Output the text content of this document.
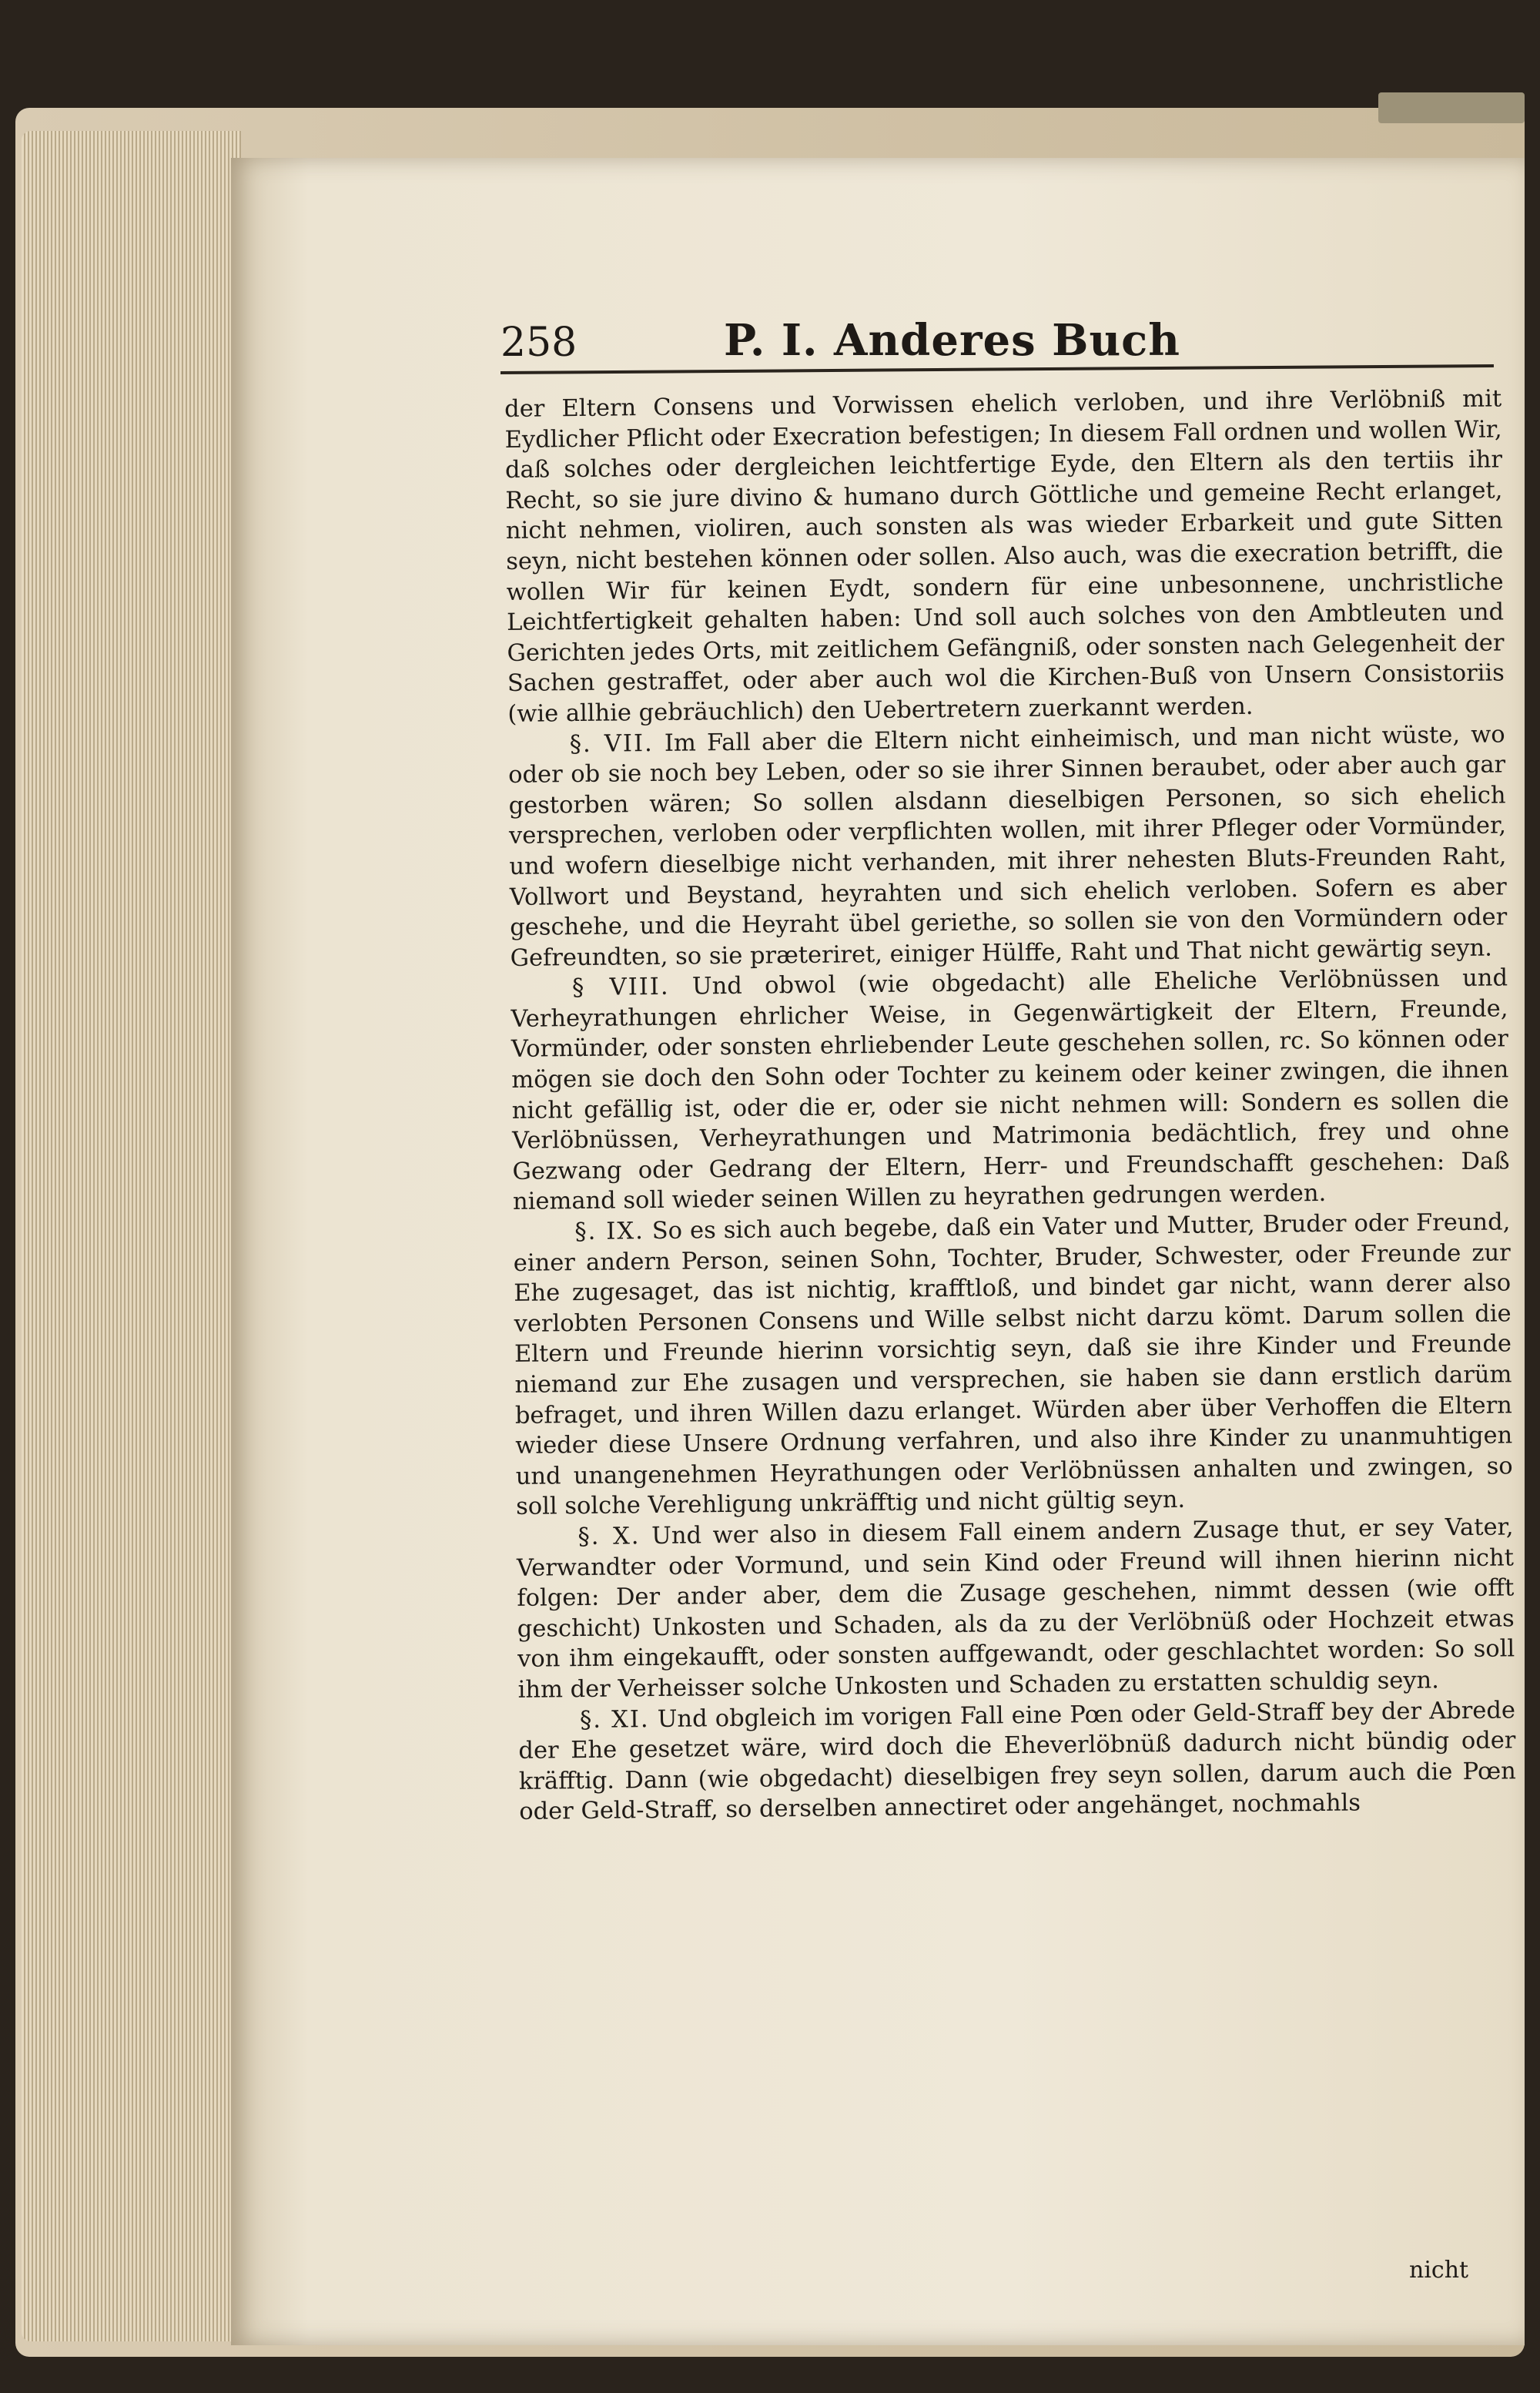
258	P. I. Anderes Buch

der Eltern Consens und Vorwissen ehelich verloben, und ihre Verlöbniß mit Eydlicher Pflicht oder Execration befestigen; In diesem Fall ordnen und wollen Wir, daß solches oder dergleichen leichtfertige Eyde, den Eltern als den tertiis ihr Recht, so sie jure divino & humano durch Göttliche und gemeine Recht erlanget, nicht nehmen, violiren, auch sonsten als was wieder Erbarkeit und gute Sitten seyn, nicht bestehen können oder sollen. Also auch, was die execration betrifft, die wollen Wir für keinen Eydt, sondern für eine unbesonnene, unchristliche Leichtfertigkeit gehalten haben: Und soll auch solches von den Ambtleuten und Gerichten jedes Orts, mit zeitlichem Gefängniß, oder sonsten nach Gelegenheit der Sachen gestraffet, oder aber auch wol die Kirchen-Buß von Unsern Consistoriis (wie allhie gebräuchlich) den Uebertretern zuerkannt werden.

§. VII. Im Fall aber die Eltern nicht einheimisch, und man nicht wüste, wo oder ob sie noch bey Leben, oder so sie ihrer Sinnen beraubet, oder aber auch gar gestorben wären; So sollen alsdann dieselbigen Personen, so sich ehelich versprechen, verloben oder verpflichten wollen, mit ihrer Pfleger oder Vormünder, und wofern dieselbige nicht verhanden, mit ihrer nehesten Bluts-Freunden Raht, Vollwort und Beystand, heyrahten und sich ehelich verloben. Sofern es aber geschehe, und die Heyraht übel geriethe, so sollen sie von den Vormündern oder Gefreundten, so sie præteriret, einiger Hülffe, Raht und That nicht gewärtig seyn.

§ VIII. Und obwol (wie obgedacht) alle Eheliche Verlöbnüssen und Verheyrathungen ehrlicher Weise, in Gegenwärtigkeit der Eltern, Freunde, Vormünder, oder sonsten ehrliebender Leute geschehen sollen, rc. So können oder mögen sie doch den Sohn oder Tochter zu keinem oder keiner zwingen, die ihnen nicht gefällig ist, oder die er, oder sie nicht nehmen will: Sondern es sollen die Verlöbnüssen, Verheyrathungen und Matrimonia bedächtlich, frey und ohne Gezwang oder Gedrang der Eltern, Herr- und Freundschafft geschehen: Daß niemand soll wieder seinen Willen zu heyrathen gedrungen werden.

§. IX. So es sich auch begebe, daß ein Vater und Mutter, Bruder oder Freund, einer andern Person, seinen Sohn, Tochter, Bruder, Schwester, oder Freunde zur Ehe zugesaget, das ist nichtig, krafftloß, und bindet gar nicht, wann derer also verlobten Personen Consens und Wille selbst nicht darzu kömt. Darum sollen die Eltern und Freunde hierinn vorsichtig seyn, daß sie ihre Kinder und Freunde niemand zur Ehe zusagen und versprechen, sie haben sie dann erstlich darüm befraget, und ihren Willen dazu erlanget. Würden aber über Verhoffen die Eltern wieder diese Unsere Ordnung verfahren, und also ihre Kinder zu unanmuhtigen und unangenehmen Heyrathungen oder Verlöbnüssen anhalten und zwingen, so soll solche Verehligung unkräfftig und nicht gültig seyn.

§. X. Und wer also in diesem Fall einem andern Zusage thut, er sey Vater, Verwandter oder Vormund, und sein Kind oder Freund will ihnen hierinn nicht folgen: Der ander aber, dem die Zusage geschehen, nimmt dessen (wie offt geschicht) Unkosten und Schaden, als da zu der Verlöbnüß oder Hochzeit etwas von ihm eingekaufft, oder sonsten auffgewandt, oder geschlachtet worden: So soll ihm der Verheisser solche Unkosten und Schaden zu erstatten schuldig seyn.

§. XI. Und obgleich im vorigen Fall eine Pœn oder Geld-Straff bey der Abrede der Ehe gesetzet wäre, wird doch die Eheverlöbnüß dadurch nicht bündig oder kräfftig. Dann (wie obgedacht) dieselbigen frey seyn sollen, darum auch die Pœn oder Geld-Straff, so derselben annectiret oder angehänget, nochmahls

nicht
